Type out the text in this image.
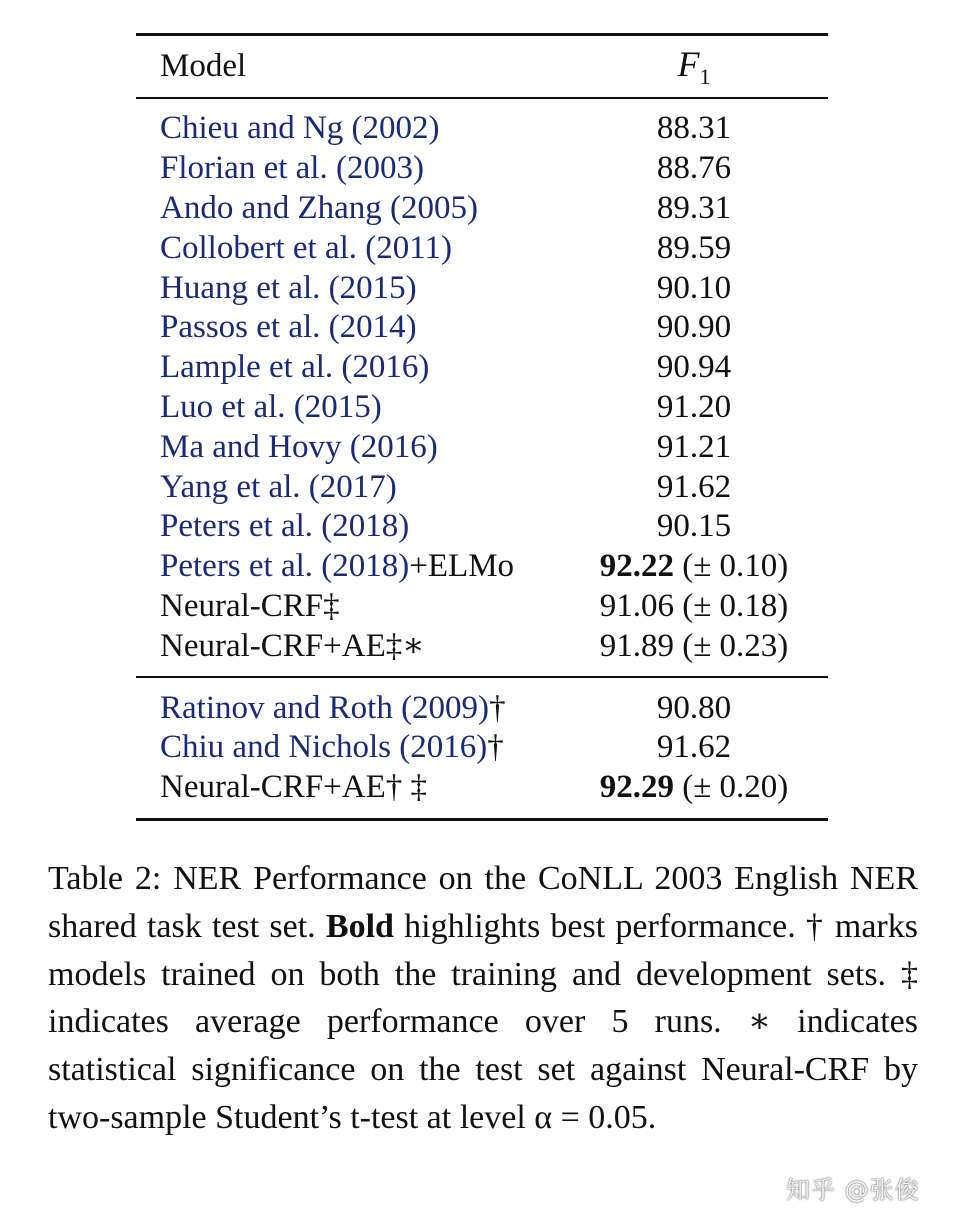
Model	$F_1$
Chieu and Ng (2002)	88.31
Florian et al. (2003)	88.76
Ando and Zhang (2005)	89.31
Collobert et al. (2011)	89.59
Huang et al. (2015)	90.10
Passos et al. (2014)	90.90
Lample et al. (2016)	90.94
Luo et al. (2015)	91.20
Ma and Hovy (2016)	91.21
Yang et al. (2017)	91.62
Peters et al. (2018)	90.15
Peters et al. (2018)+ELMo	92.22 (± 0.10)
Neural-CRF‡	91.06 (± 0.18)
Neural-CRF+AE‡∗	91.89 (± 0.23)
Ratinov and Roth (2009)†	90.80
Chiu and Nichols (2016)†	91.62
Neural-CRF+AE† ‡	92.29 (± 0.20)

Table 2: NER Performance on the CoNLL 2003 English NER shared task test set. Bold highlights best performance. † marks models trained on both the training and development sets. ‡ indicates average performance over 5 runs. ∗ indicates statistical significance on the test set against Neural-CRF by two-sample Student’s t-test at level α = 0.05.

知乎 @张俊
